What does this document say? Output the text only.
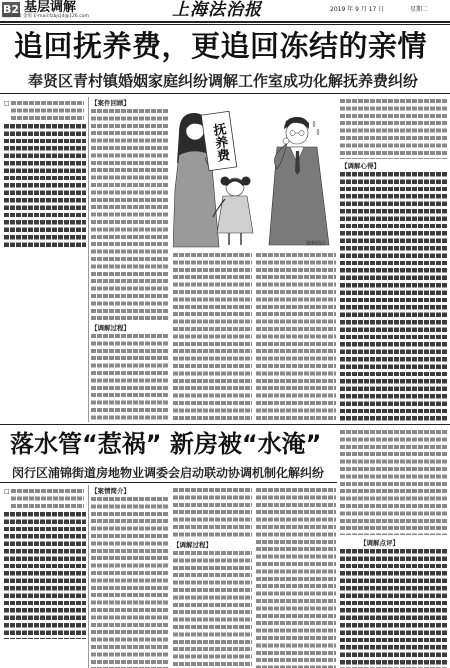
B2 基层调解
责任编辑 金勇 E-mail:fzbjcjd@126.com	上海法治报	2019 年 9 月 17 日	星期二
追回抚养费，更追回冻结的亲情
奉贤区青村镇婚姻家庭纠纷调解工作室成功化解抚养费纠纷
□	【案件回顾】
【调解过程】
抚养费
资料图片
【调解心得】
落水管“惹祸” 新房被“水淹”
闵行区浦锦街道房地物业调委会启动联动协调机制化解纠纷
□	【案情简介】
【调解过程】	【调解点评】
